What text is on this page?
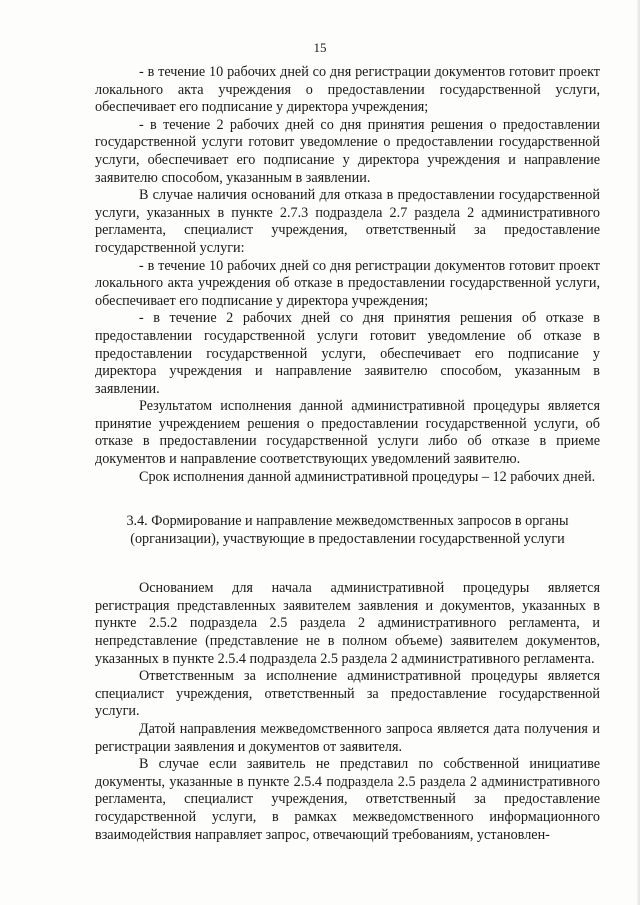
15

- в течение 10 рабочих дней со дня регистрации документов готовит проект локального акта учреждения о предоставлении государственной услуги, обеспечивает его подписание у директора учреждения;

- в течение 2 рабочих дней со дня принятия решения о предоставлении государственной услуги готовит уведомление о предоставлении государственной услуги, обеспечивает его подписание у директора учреждения и направление заявителю способом, указанным в заявлении.

В случае наличия оснований для отказа в предоставлении государственной услуги, указанных в пункте 2.7.3 подраздела 2.7 раздела 2 административного регламента, специалист учреждения, ответственный за предоставление государственной услуги:

- в течение 10 рабочих дней со дня регистрации документов готовит проект локального акта учреждения об отказе в предоставлении государственной услуги, обеспечивает его подписание у директора учреждения;

- в течение 2 рабочих дней со дня принятия решения об отказе в предоставлении государственной услуги готовит уведомление об отказе в предоставлении государственной услуги, обеспечивает его подписание у директора учреждения и направление заявителю способом, указанным в заявлении.

Результатом исполнения данной административной процедуры является принятие учреждением решения о предоставлении государственной услуги, об отказе в предоставлении государственной услуги либо об отказе в приеме документов и направление соответствующих уведомлений заявителю.

Срок исполнения данной административной процедуры – 12 рабочих дней.

3.4. Формирование и направление межведомственных запросов в органы (организации), участвующие в предоставлении государственной услуги

Основанием для начала административной процедуры является регистрация представленных заявителем заявления и документов, указанных в пункте 2.5.2 подраздела 2.5 раздела 2 административного регламента, и непредставление (представление не в полном объеме) заявителем документов, указанных в пункте 2.5.4 подраздела 2.5 раздела 2 административного регламента.

Ответственным за исполнение административной процедуры является специалист учреждения, ответственный за предоставление государственной услуги.

Датой направления межведомственного запроса является дата получения и регистрации заявления и документов от заявителя.

В случае если заявитель не представил по собственной инициативе документы, указанные в пункте 2.5.4 подраздела 2.5 раздела 2 административного регламента, специалист учреждения, ответственный за предоставление государственной услуги, в рамках межведомственного информационного взаимодействия направляет запрос, отвечающий требованиям, установлен-
